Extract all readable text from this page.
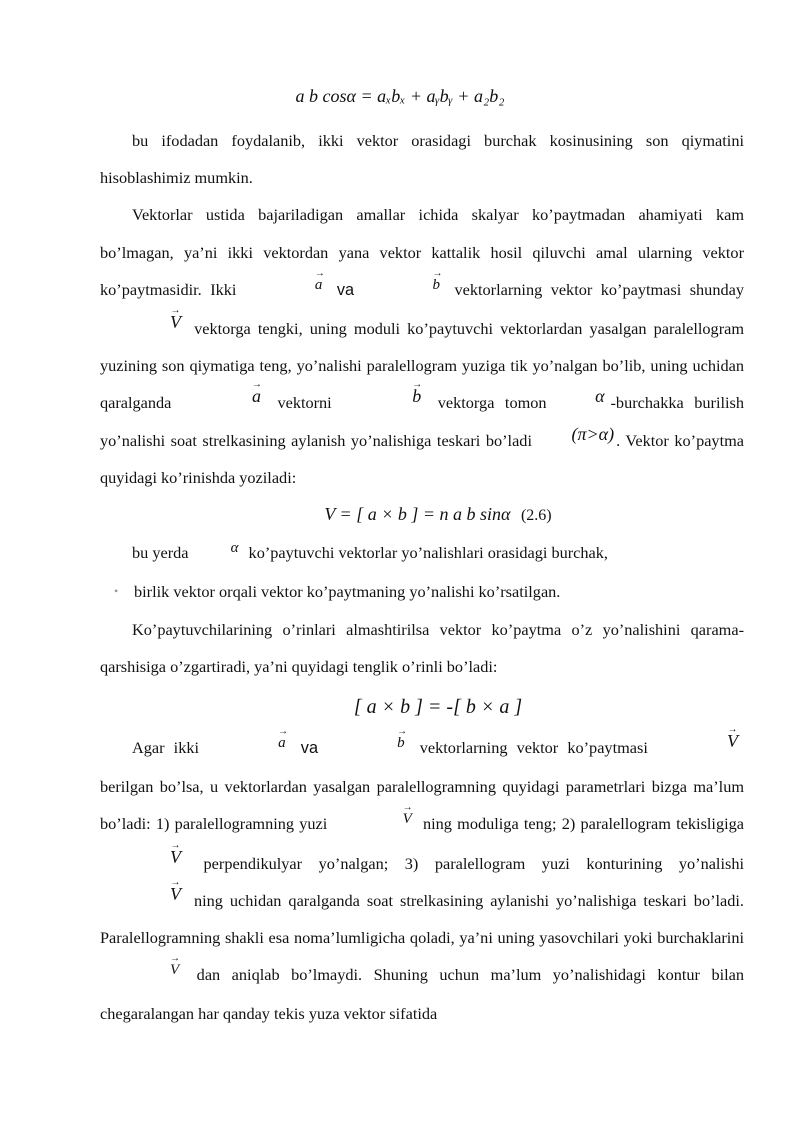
a b cosα = aₓbₓ + aᵧbᵧ + a₂b₂

bu ifodadan foydalanib, ikki vektor orasidagi burchak kosinusining son qiymatini hisoblashimiz mumkin.

Vektorlar ustida bajariladigan amallar ichida skalyar ko’paytmadan ahamiyati kam bo’lmagan, ya’ni ikki vektordan yana vektor kattalik hosil qiluvchi amal ularning vektor ko’paytmasidir. Ikki	→ a va	→ b vektorlarning vektor ko’paytmasi shunday → V vektorga tengki, uning moduli ko’paytuvchi vektorlardan yasalgan paralellogram yuzining son qiymatiga teng, yo’nalishi paralellogram yuziga tik yo’nalgan bo’lib, uning uchidan qaralganda	→ a vektorni	→ b vektorga tomon	α -burchakka burilish yo’nalishi soat strelkasining aylanish yo’nalishiga teskari bo’ladi (π>α) . Vektor ko’paytma quyidagi ko’rinishda yoziladi:

V = [ a × b ] = n a b sinα (2.6)

bu yerda	α ko’paytuvchi vektorlar yo’nalishlari orasidagi burchak,

• birlik vektor orqali vektor ko’paytmaning yo’nalishi ko’rsatilgan.

Ko’paytuvchilarining o’rinlari almashtirilsa vektor ko’paytma o’z yo’nalishini qarama-qarshisiga o’zgartiradi, ya’ni quyidagi tenglik o’rinli bo’ladi:

[ a × b ] = -[ b × a ]

Agar ikki	→ a va	→ b vektorlarning vektor ko’paytmasi	→ V berilgan bo’lsa, u vektorlardan yasalgan paralellogramning quyidagi parametrlari bizga ma’lum bo’ladi: 1) paralellogramning yuzi	→ V ning moduliga teng; 2) paralellogram tekisligiga → V perpendikulyar yo’nalgan; 3) paralellogram yuzi konturining yo’nalishi → V ning uchidan qaralganda soat strelkasining aylanishi yo’nalishiga teskari bo’ladi. Paralellogramning shakli esa noma’lumligicha qoladi, ya’ni uning yasovchilari yoki burchaklarini → V dan aniqlab bo’lmaydi. Shuning uchun ma’lum yo’nalishidagi kontur bilan chegaralangan har qanday tekis yuza vektor sifatida
